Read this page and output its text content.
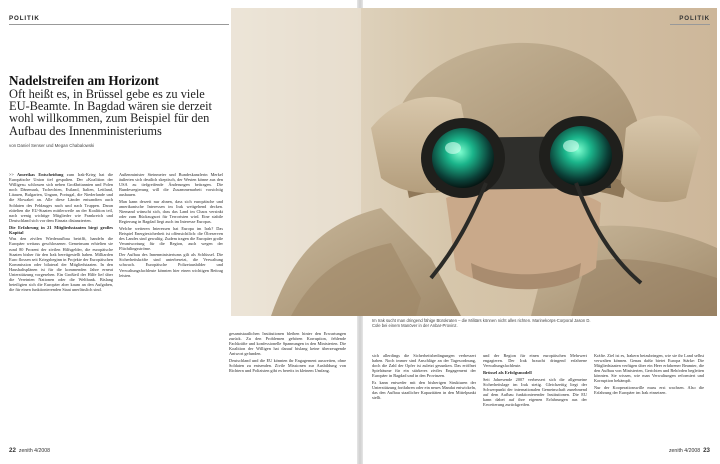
POLITIK
Nadelstreifen am Horizont

Oft heißt es, in Brüssel gebe es zu viele EU-Beamte. In Bagdad wären sie derzeit wohl willkommen, zum Beispiel für den Aufbau des Innenministeriums

von Daniel Senser und Megan Chabalowski

>> Amerikas Entscheidung zum Irak-Krieg hat die Europäische Union tief gespalten. Der »Koalition der Willigen« schlossen sich neben Großbritannien und Polen noch Dänemark, Tschechien, Estland, Italien, Lettland, Litauen, Bulgarien, Ungarn, Portugal, die Niederlande und die Slowakei an. Alle diese Länder entsandten auch Soldaten des Feldzuges nach und nach Truppen. Daran rüttelten die EU-Staaten mittlerweile an der Koalition teil, nach wenig wichtige Mitglieder wie Frankreich und Deutschland sich vor dem Einsatz distanzierten.

Die Erfahrung in 21 Mitgliedsstaaten birgt großes Kapital

Was den zivilen Wiederaufbau betrifft, handeln die Europäer weitaus geschlossener. Gemeinsam erhielten sie rund 80 Prozent der zivilen Hilfsgelder, die europäische Staaten bisher für den Irak bereitgestellt haben. Milliarden Euro flossen seit Kriegsbeginn in Projekte der Europäischen Kommission oder bilateral der Mitgliedstaaten. In den Haushaltsplänen ist für die kommenden Jahre erneut Unterstützung vorgesehen. Ein Großteil der Hilfe lief über die Vereinten Nationen oder die Weltbank. Bislang beteiligten sich die Europäer aber kaum an den Aufgaben, die für einen funktionierenden Staat unerlässlich sind.

Außenminister Steinmeier und Bundeskanzlerin Merkel äußerten sich deutlich skeptisch, der Westen könne aus den USA zu tiefgreifende Änderungen beitragen. Die Bundesregierung will die Zusammenarbeit vorsichtig ausbauen.

Man kann derzeit nur ahnen, dass sich europäische und amerikanische Interessen im Irak weitgehend decken. Niemand wünscht sich, dass das Land im Chaos versinkt oder zum Rückzugsort für Terroristen wird. Eine stabile Regierung in Bagdad liegt auch im Interesse Europas.

Welche weiteren Interessen hat Europa im Irak? Das Beispiel Energiesicherheit ist offensichtlich: die Ölreserven des Landes sind gewaltig. Zudem tragen die Europäer große Verantwortung für die Region, auch wegen der Flüchtlingsströme.

Der Aufbau des Innenministeriums gilt als Schlüssel. Die Sicherheitskräfte sind unterbesetzt, die Verwaltung schwach. Europäische Polizeiausbilder und Verwaltungsfachleute könnten hier einen wichtigen Beitrag leisten.

gesamtstaatlichen Institutionen bleiben hinter den Erwartungen zurück. Zu den Problemen gehören Korruption, fehlende Fachkräfte und konfessionelle Spannungen in den Ministerien. Die Koalition der Willigen hat darauf bislang keine überzeugende Antwort gefunden.

Deutschland und die EU könnten ihr Engagement ausweiten, ohne Soldaten zu entsenden. Zivile Missionen zur Ausbildung von Richtern und Polizisten gibt es bereits in kleinem Umfang.

POLITIK
Im Irak sucht man dringend fähige Bürokraten – die Militärs können nicht alles richten. Marinekorps-Corporal Jason D. Cole bei einem Manöver in der Anbar-Provinz.

sich allerdings die Sicherheitsbedingungen verbessert haben. Noch immer sind Anschläge an der Tagesordnung, doch die Zahl der Opfer ist zuletzt gesunken. Das eröffnet Spielräume für ein stärkeres ziviles Engagement der Europäer in Bagdad und in den Provinzen.

Es kann entweder mit den bisherigen Strukturen der Unterstützung fortfahren oder ein neues Mandat entwickeln, das den Aufbau staatlicher Kapazitäten in den Mittelpunkt stellt.

und der Region für einen europäischen Mehrwert engagieren. Der Irak braucht dringend erfahrene Verwaltungsfachleute.

Brüssel als Erfolgsmodell

Seit Jahresende 2007 verbessert sich die allgemeine Sicherheitslage im Irak stetig. Gleichzeitig liegt der Schwerpunkt der internationalen Gemeinschaft zunehmend auf dem Aufbau funktionierender Institutionen. Die EU kann dabei auf ihre eigenen Erfahrungen aus der Erweiterung zurückgreifen.

Kräfte. Ziel ist es, Irakern beizubringen, wie sie ihr Land selbst verwalten können. Genau dafür bietet Europa Stärke: Die Mitgliedstaaten verfügen über ein Heer erfahrener Beamter, die den Aufbau von Ministerien, Gerichten und Behörden begleiten könnten. Sie wissen, wie man Verwaltungen reformiert und Korruption bekämpft.

Nur der Kooperationswille muss erst wachsen. Also die Erfahrung der Europäer im Irak einsetzen.

22 zenith 4/2008	zenith 4/2008 23
